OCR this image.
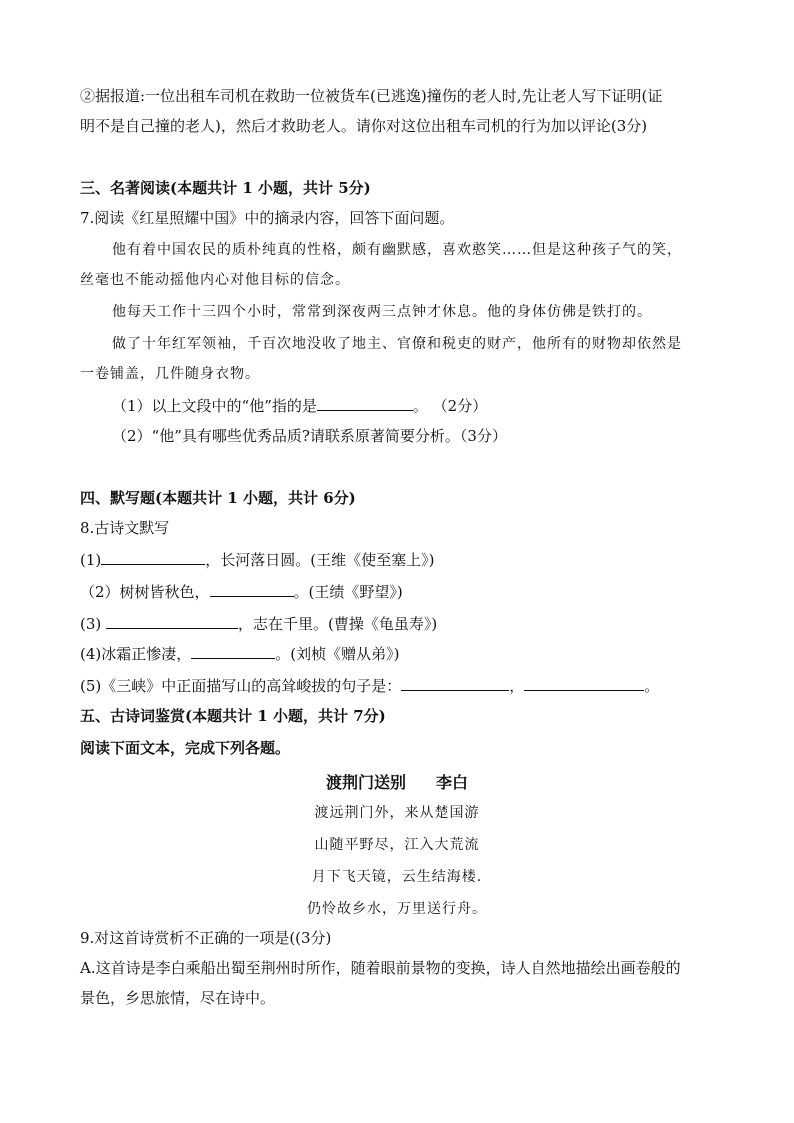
②据报道:一位出租车司机在救助一位被货车(已逃逸)撞伤的老人时,先让老人写下证明(证
明不是自己撞的老人)，然后才救助老人。请你对这位出租车司机的行为加以评论(3分)
三、名著阅读(本题共计 1 小题，共计 5分)
7.阅读《红星照耀中国》中的摘录内容，回答下面问题。
他有着中国农民的质朴纯真的性格，颇有幽默感，喜欢憨笑……但是这种孩子气的笑，
丝毫也不能动摇他内心对他目标的信念。
他每天工作十三四个小时，常常到深夜两三点钟才休息。他的身体仿佛是铁打的。
做了十年红军领袖，千百次地没收了地主、官僚和税吏的财产，他所有的财物却依然是
一卷铺盖，几件随身衣物。
（1）以上文段中的“他”指的是	。 （2分）
（2）“他”具有哪些优秀品质?请联系原著简要分析。（3分）
四、默写题(本题共计 1 小题，共计 6分)
8.古诗文默写
(1)	，长河落日圆。(王维《使至塞上》)
（2）树树皆秋色，	。(王绩《野望》)
(3)	，志在千里。(曹操《龟虽寿》)
(4)冰霜正惨凄，	。(刘桢《赠从弟》)
(5)《三峡》中正面描写山的高耸峻拔的句子是：	，	。
五、古诗词鉴赏(本题共计 1 小题，共计 7分)
阅读下面文本，完成下列各题。
渡荆门送别 李白
渡远荆门外，来从楚国游
山随平野尽，江入大荒流
月下飞天镜，云生结海楼.
仍怜故乡水，万里送行舟。
9.对这首诗赏析不正确的一项是((3分)
A.这首诗是李白乘船出蜀至荆州时所作，随着眼前景物的变换，诗人自然地描绘出画卷般的
景色，乡思旅情，尽在诗中。
